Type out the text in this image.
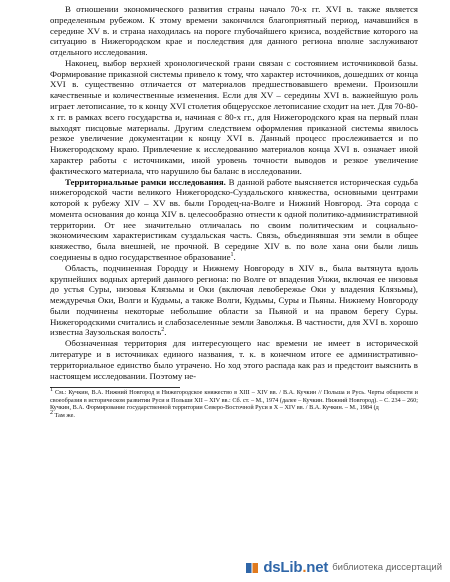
В отношении экономического развития страны начало 70-х гг. XVI в. также является определенным рубежом. К этому времени закончился благоприятный период, начавшийся в середине XV в. и страна находилась на пороге глубочайшего кризиса, воздействие которого на ситуацию в Нижегородском крае и последствия для данного региона вполне заслуживают отдельного исследования.

Наконец, выбор верхней хронологической грани связан с состоянием источниковой базы. Формирование приказной системы привело к тому, что характер источников, дошедших от конца XVI в. существенно отличается от материалов предшествовавшего времени. Произошли качественные и количественные изменения. Если для XV – середины XVI в. важнейшую роль играет летописание, то к концу XVI столетия общерусское летописание сходит на нет. Для 70-80-х гг. в рамках всего государства и, начиная с 80-х гг., для Нижегородского края на первый план выходят писцовые материалы. Другим следствием оформления приказной системы явилось резкое увеличение документации к концу XVI в. Данный процесс прослеживается и по Нижегородскому краю. Привлечение к исследованию материалов конца XVI в. означает иной характер работы с источниками, иной уровень точности выводов и резкое увеличение фактического материала, что нарушило бы баланс в исследовании.

Территориальные рамки исследования. В данной работе выясняется историческая судьба нижегородской части великого Нижегородско-Суздальского княжества, основными центрами которой к рубежу XIV – XV вв. были Городец-на-Волге и Нижний Новгород. Эта сорода с момента основания до конца XIV в. целесообразно отнести к одной политико-административной территории. От нее значительно отличалась по своим политическим и социально-экономическим характеристикам суздальская часть. Связь, объединявшая эти земли в общее княжество, была внешней, не прочной. В середине XIV в. по воле хана они были лишь соединены в одно государственное образование$^1$.

Область, подчиненная Городцу и Нижнему Новгороду в XIV в., была вытянута вдоль крупнейших водных артерий данного региона: по Волге от впадения Унжи, включая ее низовья до устья Суры, низовья Клязьмы и Оки (включая левобережье Оки у владения Клязьмы), междуречья Оки, Волги и Кудьмы, а также Волги, Кудьмы, Суры и Пьяны. Нижнему Новгороду были подчинены некоторые небольшие области за Пьяной и на правом берегу Суры. Нижегородскими считались и слабозаселенные земли Заволжья. В частности, для XVI в. хорошо известна Заузольская волость$^2$.

Обозначенная территория для интересующего нас времени не имеет в исторической литературе и в источниках единого названия, т. к. в конечном итоге ее административно-территориальное единство было утрачено. Но ход этого распада как раз и предстоит выяснить в настоящем исследовании. Поэтому не-

$^1$ См.: Кучкин, В.А. Нижний Новгород и Нижегородское княжество в XIII – XIV вв. / В.А. Кучкин // Польша и Русь. Черты общности и своеобразия в историческом развитии Руси и Польши XII – XIV вв.: Сб. ст. – М., 1974 (далее – Кучкин. Нижний Новгород). – С. 234 – 260; Кучкин, В.А. Формирование государственной территории Северо-Восточной Руси в X – XIV вв. / В.А. Кучкин. – М., 1984 (д

$^2$ Там же.

dsLib.net библиотека диссертаций
